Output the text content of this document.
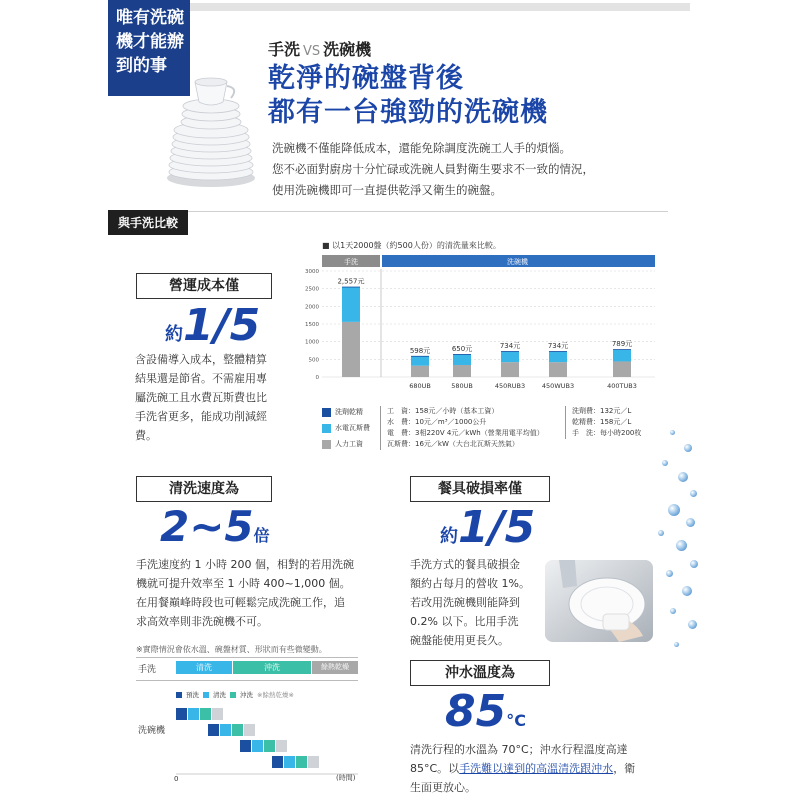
唯有洗碗
機才能辦
到的事
手洗 VS 洗碗機
乾淨的碗盤背後
都有一台強勁的洗碗機
洗碗機不僅能降低成本，還能免除調度洗碗工人手的煩惱。
您不必面對廚房十分忙碌或洗碗人員對衛生要求不一致的情況，
使用洗碗機即可一直提供乾淨又衛生的碗盤。
與手洗比較
營運成本僅
約1/5
含設備導入成本，整體精算
結果還是節省。不需雇用專
屬洗碗工且水費瓦斯費也比
手洗省更多，能成功削減經
費。
■ 以1天2000盤（約500人份）的清洗量來比較。
手洗	洗碗機
3000
2500
2000
1500
1000
500
0
2,557元
598元
680UB
650元
580UB
734元
450RUB3
734元
450WUB3
789元
400TUB3
洗劑乾精
水電瓦斯費
人力工資
工　資：158元／小時（基本工資）
水　費：10元／m³／1000公升
電　費：3相220V 4元／kWh（營業用電平均值）
瓦斯費：16元／kW（大台北瓦斯天然氣）
洗劑費：132元／L
乾精費：158元／L
手　洗：每小時200枚
清洗速度為
2~5倍
手洗速度約 1 小時 200 個，相對的若用洗碗
機就可提升效率至 1 小時 400~1,000 個。
在用餐巔峰時段也可輕鬆完成洗碗工作，追
求高效率則非洗碗機不可。
※實際情況會依水溫、碗盤材質、形狀而有些微變動。
手洗	清洗	沖洗	餘熱乾燥
預洗 清洗 沖洗 ※餘熱乾燥※
洗碗機
0	(時間)
餐具破損率僅
約1/5
手洗方式的餐具破損金
額約占每月的營收 1%。
若改用洗碗機則能降到
0.2% 以下。比用手洗
碗盤能使用更長久。
沖水溫度為
85°C
清洗行程的水溫為 70°C；沖水行程溫度高達
85°C。以手洗難以達到的高溫清洗跟沖水，衛
生面更放心。
